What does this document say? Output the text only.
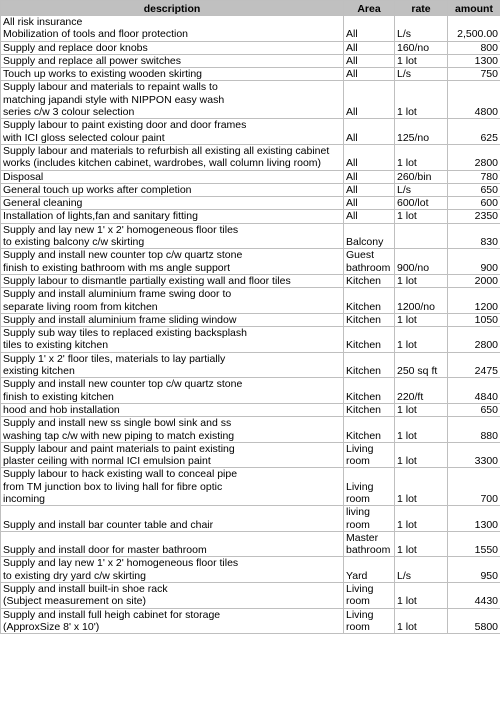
description	Area	rate	amount

All risk insurance
Mobilization of tools and floor protection	All	L/s	2,500.00

Supply and replace door knobs	All	160/no	800

Supply and replace all power switches	All	1 lot	1300

Touch up works to existing wooden skirting	All	L/s	750

Supply labour and materials to repaint walls to
matching japandi style with NIPPON easy wash
series c/w 3 colour selection	All	1 lot	4800

Supply labour to paint existing door and door frames
with ICI gloss selected colour paint	All	125/no	625

Supply labour and materials to refurbish all existing all existing cabinet
works (includes kitchen cabinet, wardrobes, wall column living room)	All	1 lot	2800

Disposal	All	260/bin	780

General touch up works after completion	All	L/s	650

General cleaning	All	600/lot	600

Installation of lights,fan and sanitary fitting	All	1 lot	2350

Supply and lay new 1' x 2' homogeneous floor tiles
to existing balcony c/w skirting	Balcony		830

Supply and install new counter top c/w quartz stone
finish to existing bathroom with ms angle support	Guest
bathroom	900/no	900

Supply labour to dismantle partially existing wall and floor tiles	Kitchen	1 lot	2000

Supply and install aluminium frame swing door to
separate living room from kitchen	Kitchen	1200/no	1200

Supply and install aluminium frame sliding window	Kitchen	1 lot	1050

Supply sub way tiles to replaced existing backsplash
tiles to existing kitchen	Kitchen	1 lot	2800

Supply 1' x 2' floor tiles, materials to lay partially
existing kitchen	Kitchen	250 sq ft	2475

Supply and install new counter top c/w quartz stone
finish to existing kitchen	Kitchen	220/ft	4840

hood and hob installation	Kitchen	1 lot	650

Supply and install new ss single bowl sink and ss
washing tap c/w with new piping to match existing	Kitchen	1 lot	880

Supply labour and paint materials to paint existing
plaster ceiling with normal ICI emulsion paint	Living
room	1 lot	3300

Supply labour to hack existing wall to conceal pipe
from TM junction box to living hall for fibre optic
incoming	Living
room	1 lot	700

Supply and install bar counter table and chair	living
room	1 lot	1300

Supply and install door for master bathroom	Master
bathroom	1 lot	1550

Supply and lay new 1' x 2' homogeneous floor tiles
to existing dry yard c/w skirting	Yard	L/s	950

Supply and install built-in shoe rack
(Subject measurement on site)	Living
room	1 lot	4430

Supply and install full heigh cabinet for storage
(ApproxSize 8' x 10')	Living
room	1 lot	5800
